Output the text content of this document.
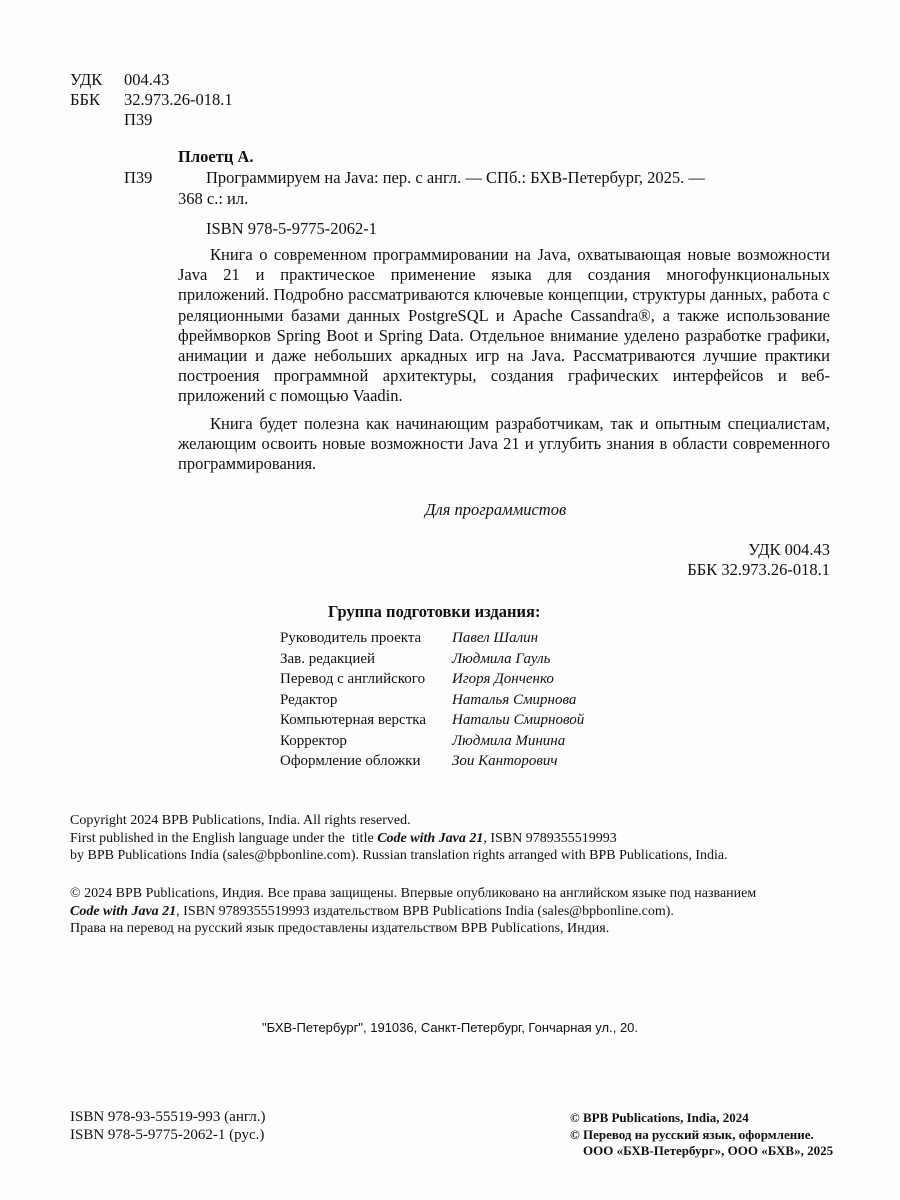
УДК	004.43
ББК	32.973.26-018.1
П39
Плоетц А.
П39	Программируем на Java: пер. с англ. — СПб.: БХВ-Петербург, 2025. —
368 с.: ил.
ISBN 978-5-9775-2062-1

Книга о современном программировании на Java, охватывающая новые возможности Java 21 и практическое применение языка для создания многофункциональных приложений. Подробно рассматриваются ключевые концепции, структуры данных, работа с реляционными базами данных PostgreSQL и Apache Cassandra®, а также использование фреймворков Spring Boot и Spring Data. Отдельное внимание уделено разработке графики, анимации и даже небольших аркадных игр на Java. Рассматриваются лучшие практики построения программной архитектуры, создания графических интерфейсов и веб-приложений с помощью Vaadin.

Книга будет полезна как начинающим разработчикам, так и опытным специалистам, желающим освоить новые возможности Java 21 и углубить знания в области современного программирования.

Для программистов
УДК 004.43
ББК 32.973.26-018.1
Группа подготовки издания:
Руководитель проекта	Павел Шалин
Зав. редакцией	Людмила Гауль
Перевод с английского	Игоря Донченко
Редактор	Наталья Смирнова
Компьютерная верстка	Натальи Смирновой
Корректор	Людмила Минина
Оформление обложки	Зои Канторович
Copyright 2024 BPB Publications, India. All rights reserved.
First published in the English language under the  title Code with Java 21, ISBN 9789355519993
by BPB Publications India (sales@bpbonline.com). Russian translation rights arranged with BPB Publications, India.
© 2024 BPB Publications, Индия. Все права защищены. Впервые опубликовано на английском языке под названием
Code with Java 21, ISBN 9789355519993 издательством BPB Publications India (sales@bpbonline.com).
Права на перевод на русский язык предоставлены издательством BPB Publications, Индия.
"БХВ-Петербург", 191036, Санкт-Петербург, Гончарная ул., 20.
ISBN 978-93-55519-993 (англ.)
ISBN 978-5-9775-2062-1 (рус.)
© BPB Publications, India, 2024
© Перевод на русский язык, оформление.
ООО «БХВ-Петербург», ООО «БХВ», 2025
